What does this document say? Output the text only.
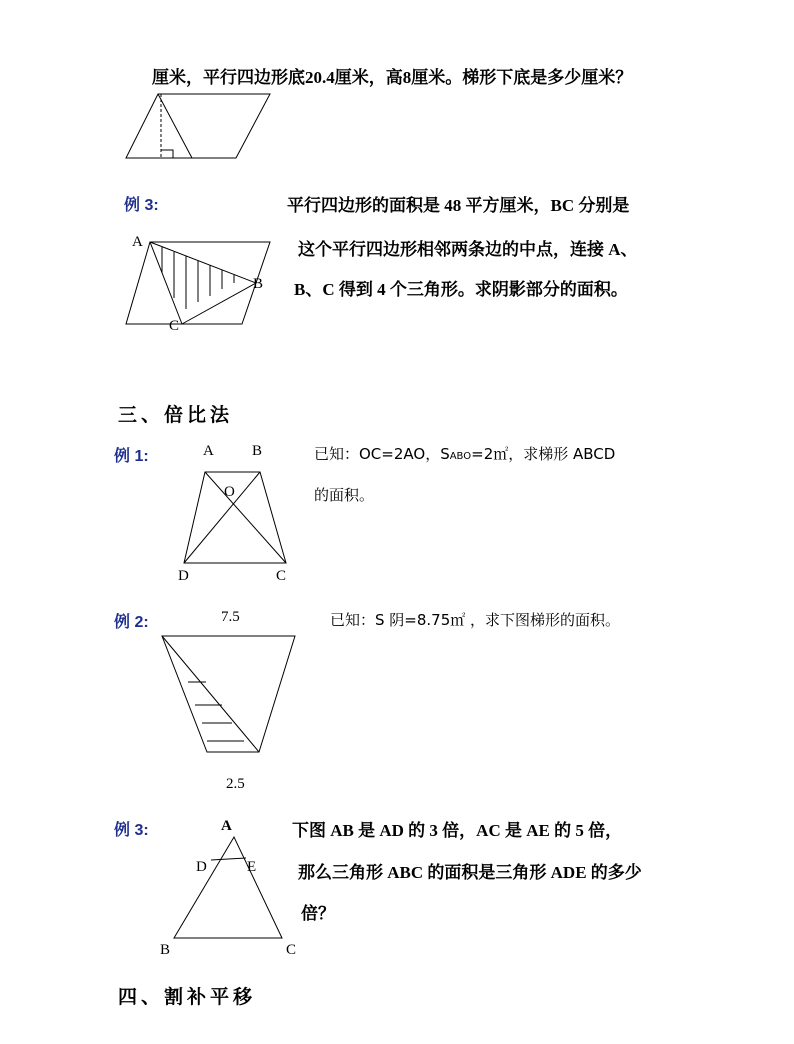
厘米，平行四边形底20.4厘米，高8厘米。梯形下底是多少厘米？
例 3:	平行四边形的面积是 48 平方厘米，BC 分别是
这个平行四边形相邻两条边的中点，连接 A、
B、C 得到 4 个三角形。求阴影部分的面积。
A
B
C
三、倍比法
例 1:	A	B
O
D	C
已知：OC=2AO，SABO=2㎡，求梯形 ABCD
的面积。
例 2:	7.5	已知：S 阴=8.75㎡ ，求下图梯形的面积。
2.5
例 3:	A	下图 AB 是 AD 的 3 倍，AC 是 AE 的 5 倍，
那么三角形 ABC 的面积是三角形 ADE 的多少
倍？
D	E
B	C
四、割补平移
